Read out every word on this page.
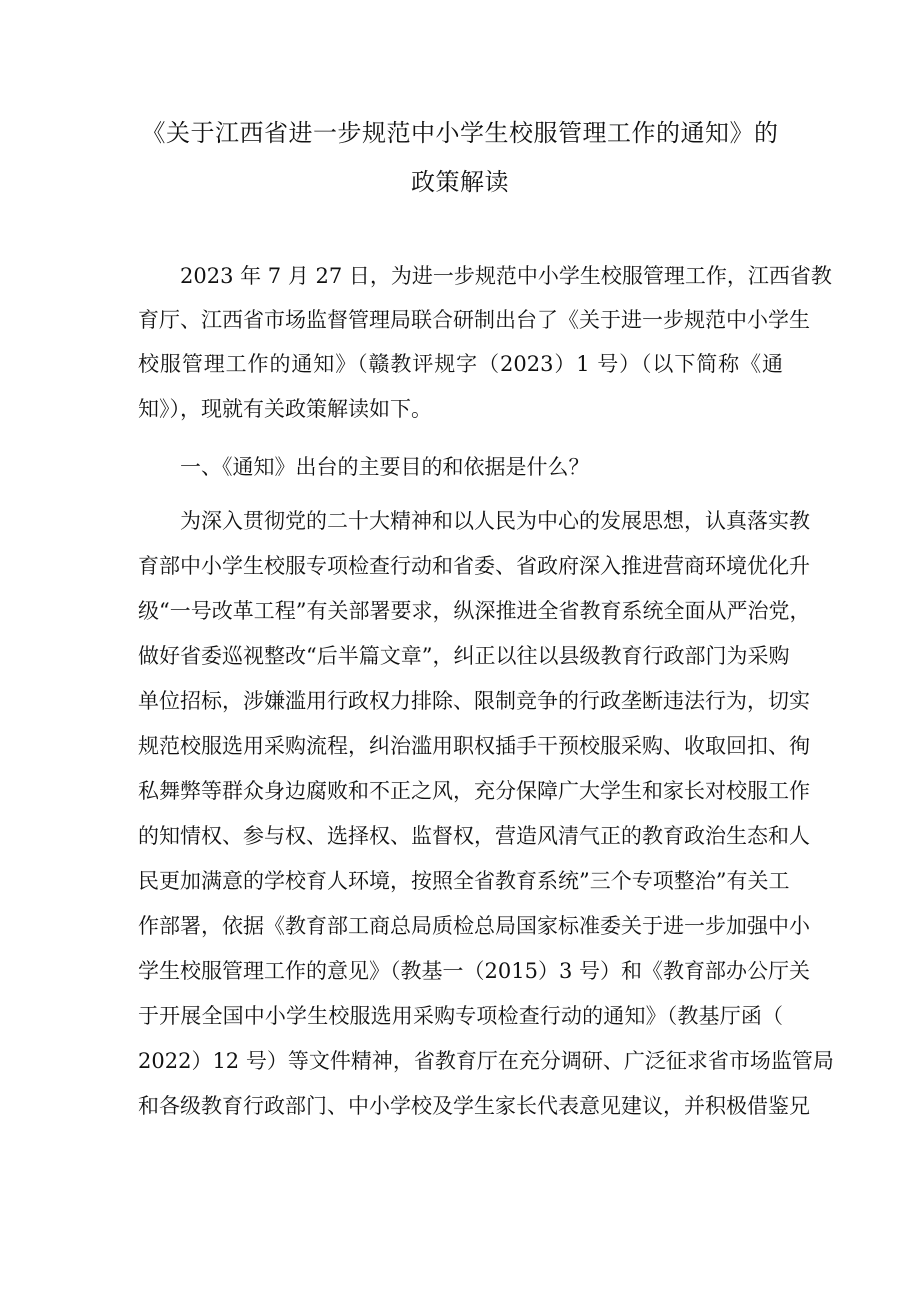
《关于江西省进一步规范中小学生校服管理工作的通知》的
政策解读
2023 年 7 月 27 日，为进一步规范中小学生校服管理工作，江西省教
育厅、江西省市场监督管理局联合研制出台了《关于进一步规范中小学生
校服管理工作的通知》（赣教评规字（2023）1 号）（以下简称《通
知》），现就有关政策解读如下。
一、《通知》出台的主要目的和依据是什么？
为深入贯彻党的二十大精神和以人民为中心的发展思想，认真落实教
育部中小学生校服专项检查行动和省委、省政府深入推进营商环境优化升
级“一号改革工程”有关部署要求，纵深推进全省教育系统全面从严治党，
做好省委巡视整改“后半篇文章”，纠正以往以县级教育行政部门为采购
单位招标，涉嫌滥用行政权力排除、限制竞争的行政垄断违法行为，切实
规范校服选用采购流程，纠治滥用职权插手干预校服采购、收取回扣、徇
私舞弊等群众身边腐败和不正之风，充分保障广大学生和家长对校服工作
的知情权、参与权、选择权、监督权，营造风清气正的教育政治生态和人
民更加满意的学校育人环境，按照全省教育系统”三个专项整治”有关工
作部署，依据《教育部工商总局质检总局国家标准委关于进一步加强中小
学生校服管理工作的意见》（教基一（2015）3 号）和《教育部办公厅关
于开展全国中小学生校服选用采购专项检查行动的通知》（教基厅函（
2022）12 号）等文件精神，省教育厅在充分调研、广泛征求省市场监管局
和各级教育行政部门、中小学校及学生家长代表意见建议，并积极借鉴兄
